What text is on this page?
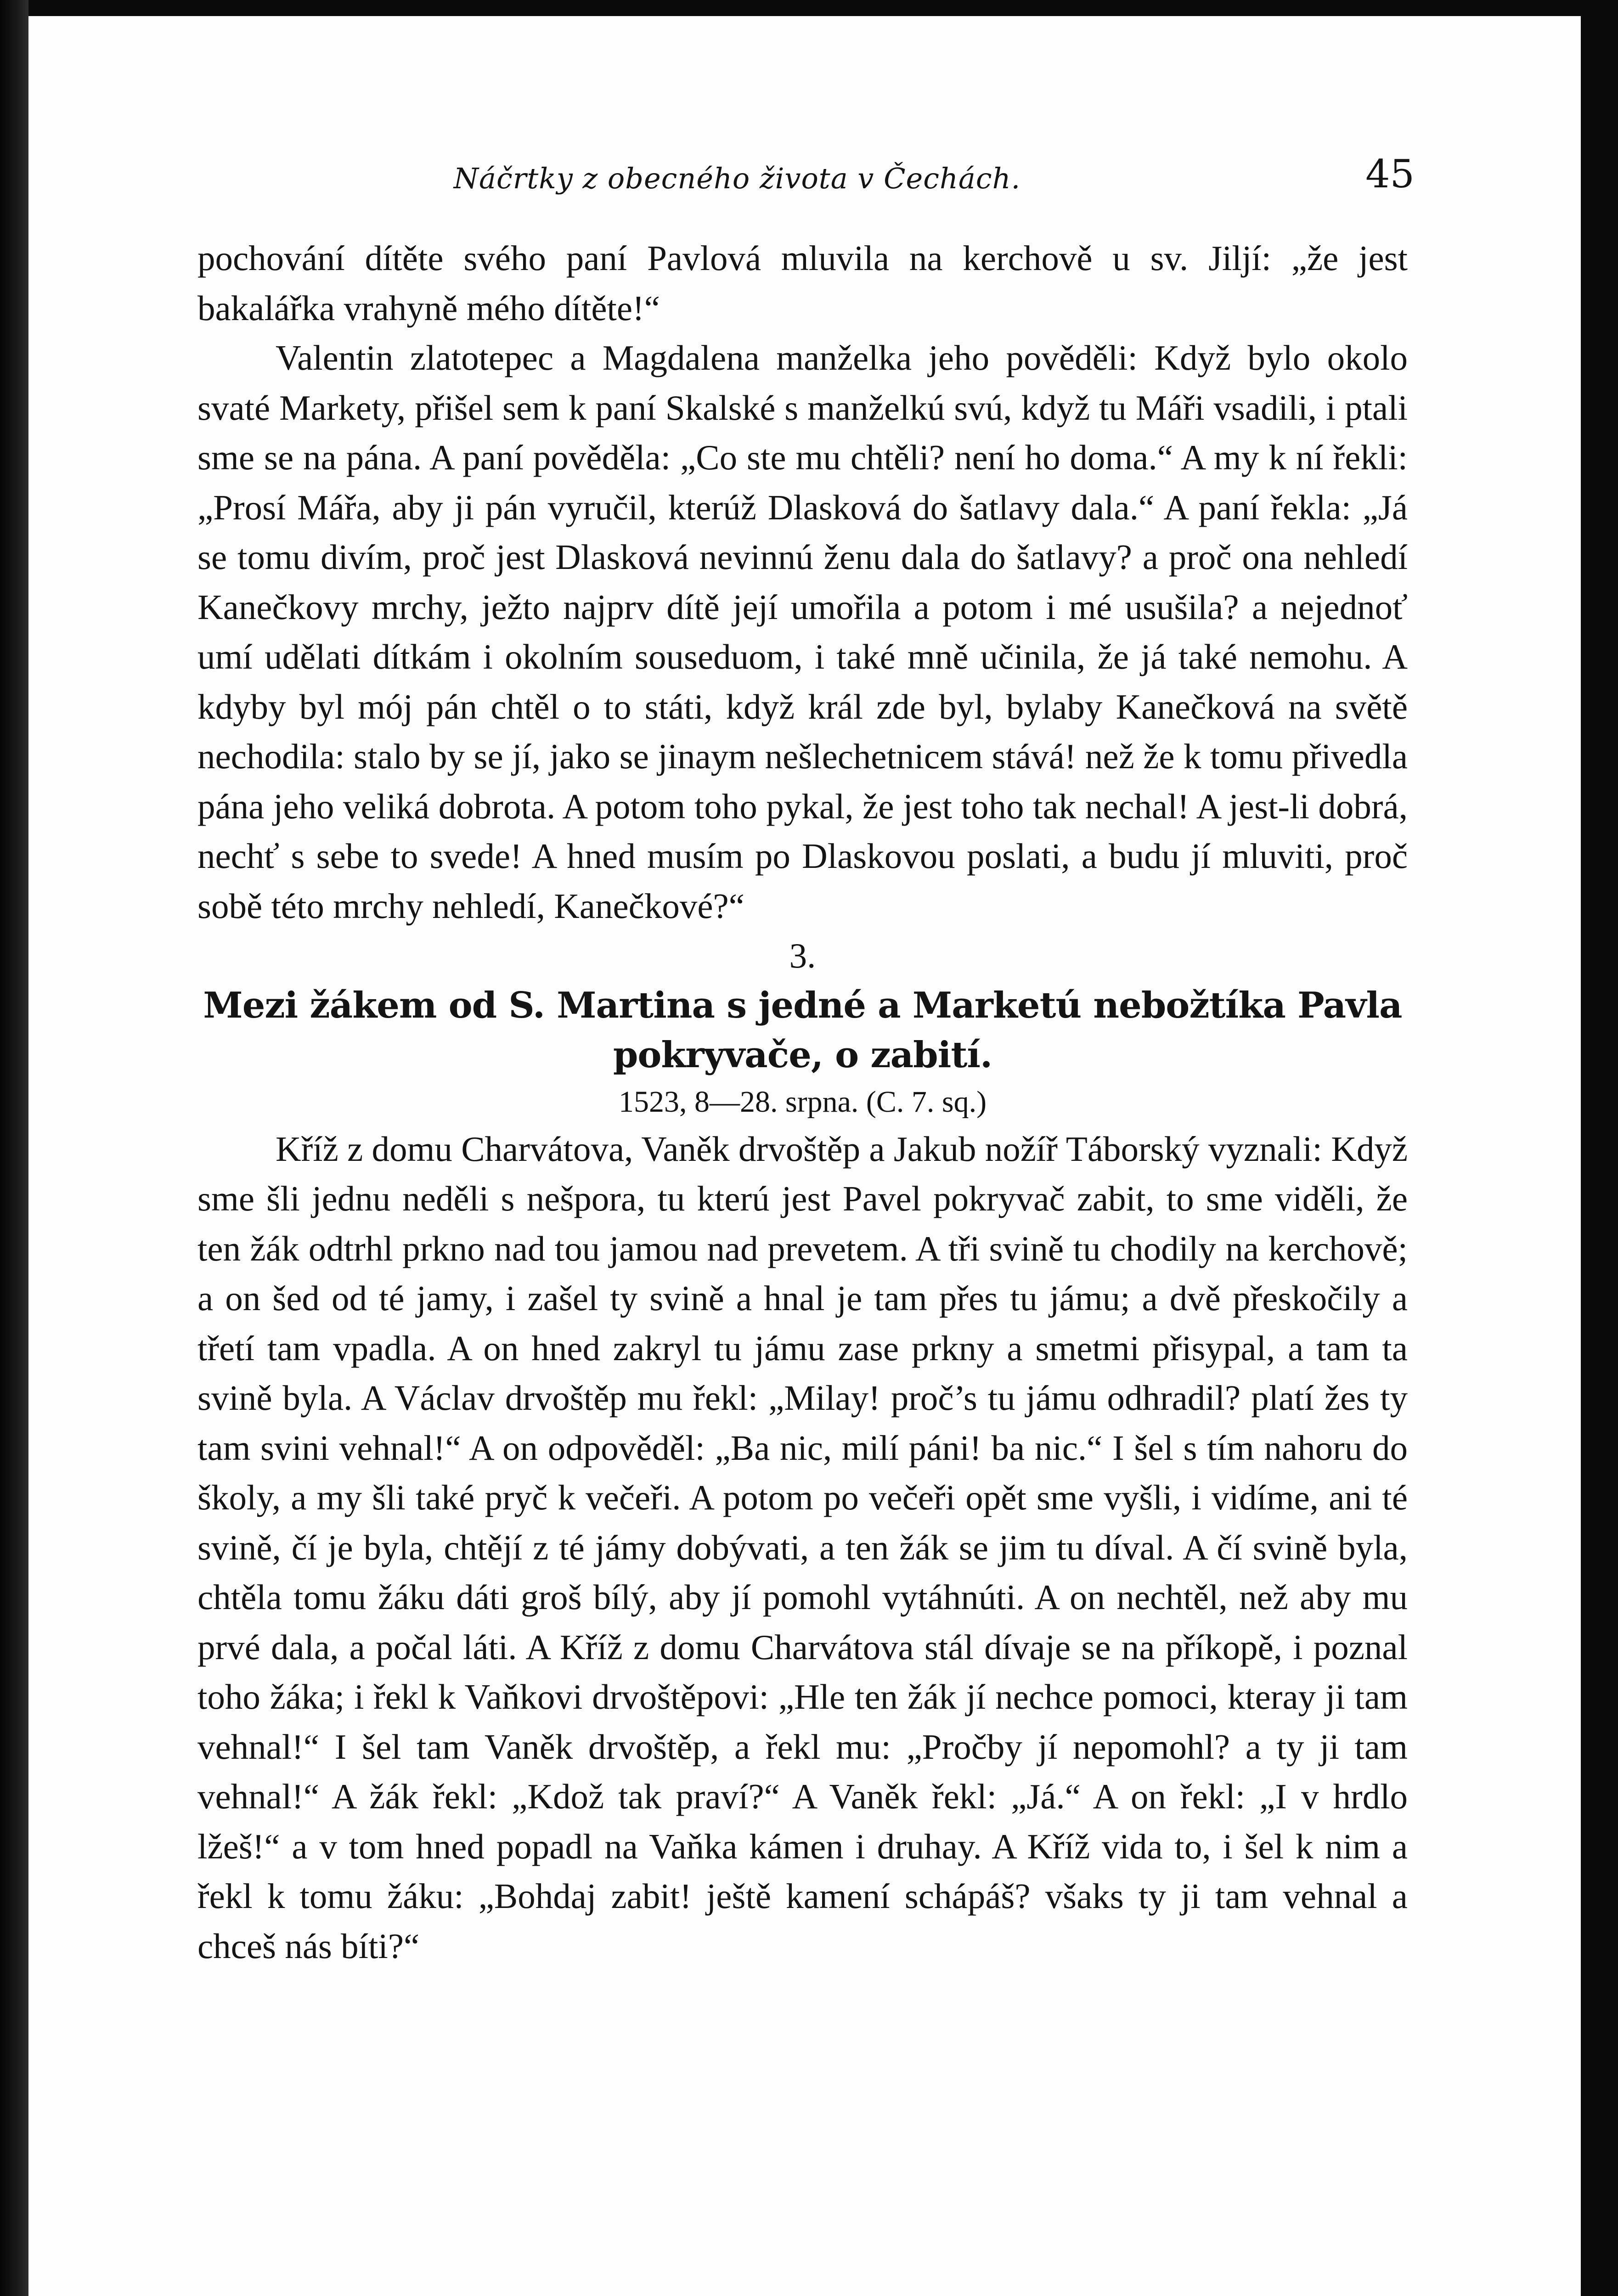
Náčrtky z obecného života v Čechách.	45

pochování dítěte svého paní Pavlová mluvila na kerchově u sv. Jiljí: „že jest bakalářka vrahyně mého dítěte!“

Valentin zlatotepec a Magdalena manželka jeho pověděli: Když bylo okolo svaté Markety, přišel sem k paní Skalské s manželkú svú, když tu Máři vsadili, i ptali sme se na pána. A paní pověděla: „Co ste mu chtěli? není ho doma.“ A my k ní řekli: „Prosí Mářa, aby ji pán vyručil, kterúž Dlasková do šatlavy dala.“ A paní řekla: „Já se tomu divím, proč jest Dlasková nevinnú ženu dala do šatlavy? a proč ona nehledí Kanečkovy mrchy, ježto najprv dítě její umořila a potom i mé usušila? a nejednoť umí udělati dítkám i okolním souseduom, i také mně učinila, že já také nemohu. A kdyby byl mój pán chtěl o to státi, když král zde byl, bylaby Kanečková na světě nechodila: stalo by se jí, jako se jinaym nešlechetnicem stává! než že k tomu přivedla pána jeho veliká dobrota. A potom toho pykal, že jest toho tak nechal! A jest-li dobrá, nechť s sebe to svede! A hned musím po Dlaskovou poslati, a budu jí mluviti, proč sobě této mrchy nehledí, Kanečkové?“

3.

Mezi žákem od S. Martina s jedné a Marketú nebožtíka Pavla pokryvače, o zabití.

1523, 8—28. srpna. (C. 7. sq.)

Kříž z domu Charvátova, Vaněk drvoštěp a Jakub nožíř Táborský vyznali: Když sme šli jednu neděli s nešpora, tu kterú jest Pavel pokryvač zabit, to sme viděli, že ten žák odtrhl prkno nad tou jamou nad prevetem. A tři svině tu chodily na kerchově; a on šed od té jamy, i zašel ty svině a hnal je tam přes tu jámu; a dvě přeskočily a třetí tam vpadla. A on hned zakryl tu jámu zase prkny a smetmi přisypal, a tam ta svině byla. A Václav drvoštěp mu řekl: „Milay! proč’s tu jámu odhradil? platí žes ty tam svini vehnal!“ A on odpověděl: „Ba nic, milí páni! ba nic.“ I šel s tím nahoru do školy, a my šli také pryč k večeři. A potom po večeři opět sme vyšli, i vidíme, ani té svině, čí je byla, chtějí z té jámy dobývati, a ten žák se jim tu díval. A čí svině byla, chtěla tomu žáku dáti groš bílý, aby jí pomohl vytáhnúti. A on nechtěl, než aby mu prvé dala, a počal láti. A Kříž z domu Charvátova stál dívaje se na příkopě, i poznal toho žáka; i řekl k Vaňkovi drvoštěpovi: „Hle ten žák jí nechce pomoci, kteray ji tam vehnal!“ I šel tam Vaněk drvoštěp, a řekl mu: „Pročby jí nepomohl? a ty ji tam vehnal!“ A žák řekl: „Kdož tak praví?“ A Vaněk řekl: „Já.“ A on řekl: „I v hrdlo lžeš!“ a v tom hned popadl na Vaňka kámen i druhay. A Kříž vida to, i šel k nim a řekl k tomu žáku: „Bohdaj zabit! ještě kamení schápáš? všaks ty ji tam vehnal a chceš nás bíti?“
